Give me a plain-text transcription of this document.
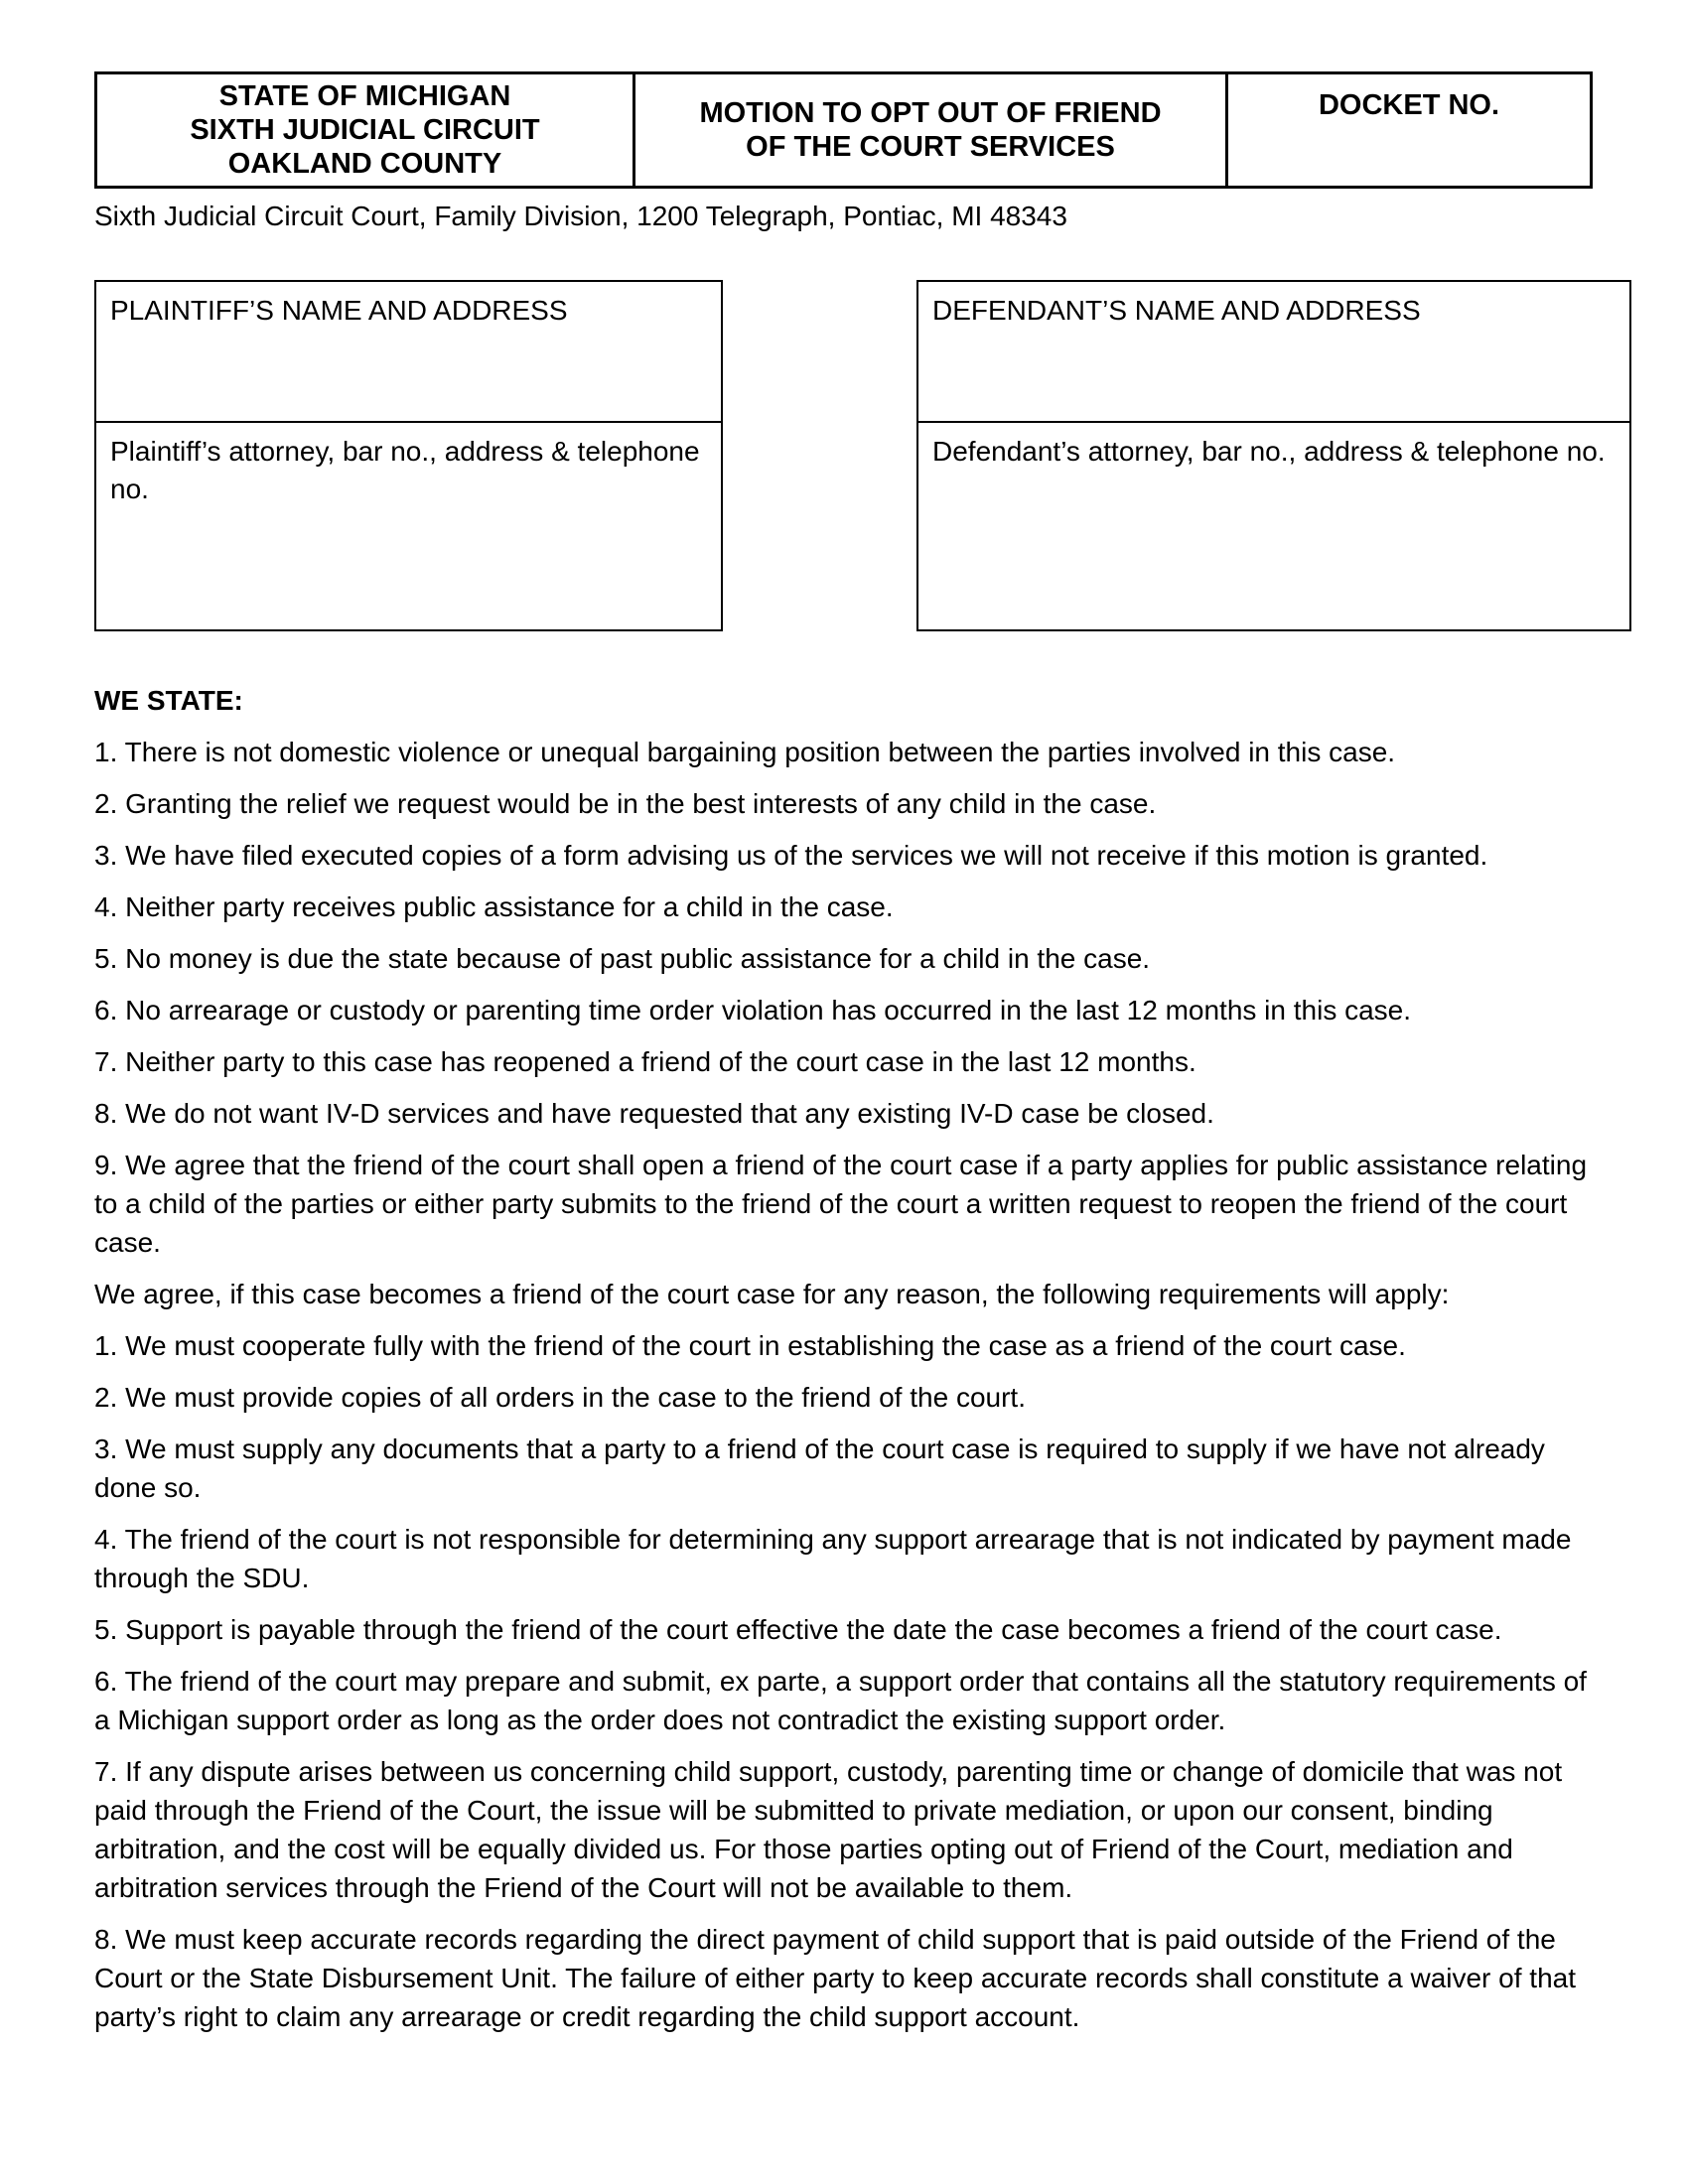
STATE OF MICHIGAN
SIXTH JUDICIAL CIRCUIT
OAKLAND COUNTY
MOTION TO OPT OUT OF FRIEND
OF THE COURT SERVICES
DOCKET NO.
Sixth Judicial Circuit Court, Family Division, 1200 Telegraph, Pontiac, MI 48343
PLAINTIFF’S NAME AND ADDRESS
Plaintiff’s attorney, bar no., address & telephone no.
DEFENDANT’S NAME AND ADDRESS
Defendant’s attorney, bar no., address & telephone no.

WE STATE:

1. There is not domestic violence or unequal bargaining position between the parties involved in this case.

2. Granting the relief we request would be in the best interests of any child in the case.

3. We have filed executed copies of a form advising us of the services we will not receive if this motion is granted.

4. Neither party receives public assistance for a child in the case.

5. No money is due the state because of past public assistance for a child in the case.

6. No arrearage or custody or parenting time order violation has occurred in the last 12 months in this case.

7. Neither party to this case has reopened a friend of the court case in the last 12 months.

8. We do not want IV-D services and have requested that any existing IV-D case be closed.

9. We agree that the friend of the court shall open a friend of the court case if a party applies for public assistance relating to a child of the parties or either party submits to the friend of the court a written request to reopen the friend of the court case.

We agree, if this case becomes a friend of the court case for any reason, the following requirements will apply:

1. We must cooperate fully with the friend of the court in establishing the case as a friend of the court case.

2. We must provide copies of all orders in the case to the friend of the court.

3. We must supply any documents that a party to a friend of the court case is required to supply if we have not already done so.

4. The friend of the court is not responsible for determining any support arrearage that is not indicated by payment made through the SDU.

5. Support is payable through the friend of the court effective the date the case becomes a friend of the court case.

6. The friend of the court may prepare and submit, ex parte, a support order that contains all the statutory requirements of a Michigan support order as long as the order does not contradict the existing support order.

7. If any dispute arises between us concerning child support, custody, parenting time or change of domicile that was not paid through the Friend of the Court, the issue will be submitted to private mediation, or upon our consent, binding arbitration, and the cost will be equally divided us. For those parties opting out of Friend of the Court, mediation and arbitration services through the Friend of the Court will not be available to them.

8. We must keep accurate records regarding the direct payment of child support that is paid outside of the Friend of the Court or the State Disbursement Unit. The failure of either party to keep accurate records shall constitute a waiver of that party’s right to claim any arrearage or credit regarding the child support account.
